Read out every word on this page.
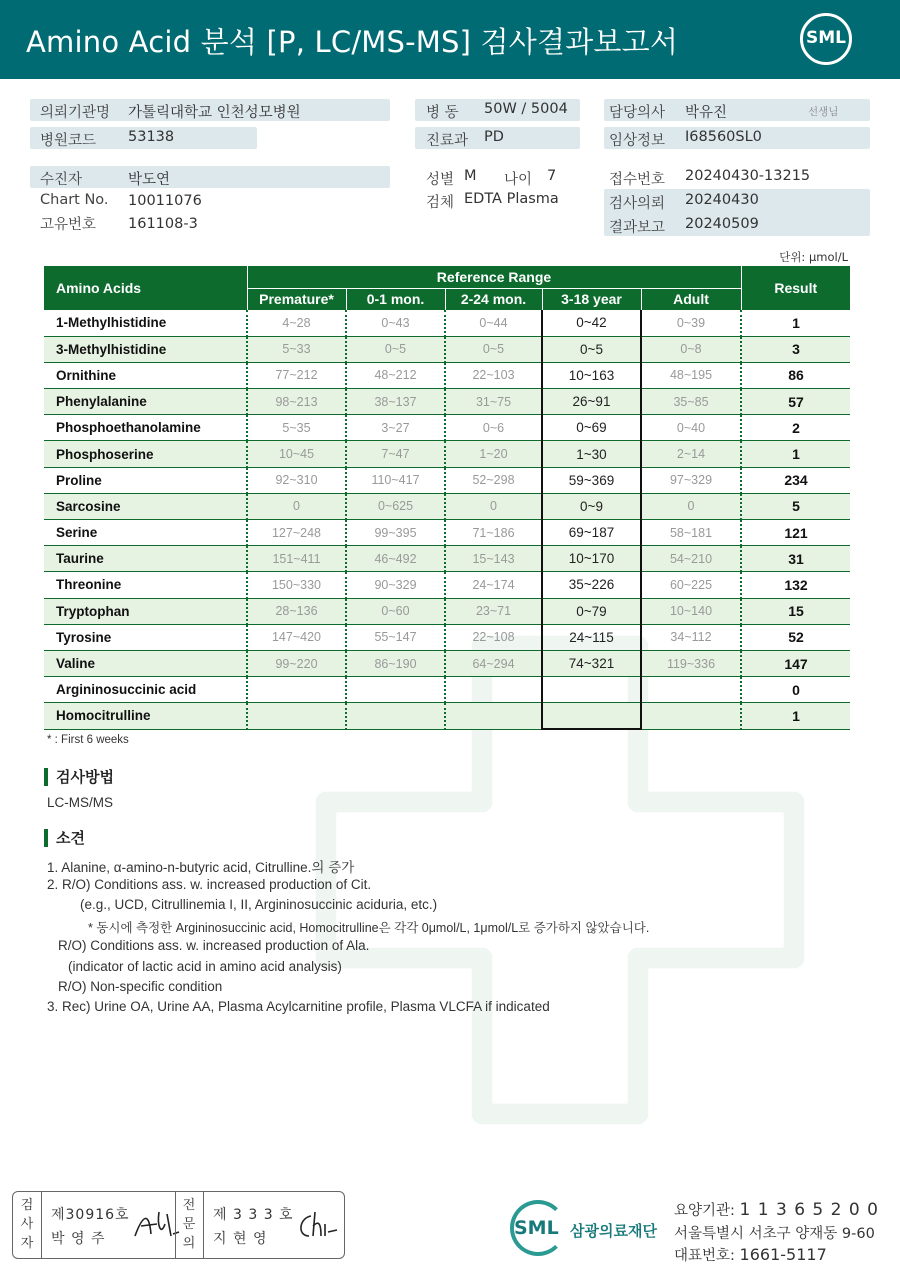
Amino Acid 분석 [P, LC/MS-MS] 검사결과보고서	SML
의뢰기관명 가톨릭대학교 인천성모병원
병원코드 53138
병 동 50W / 5004
진료과 PD
담당의사 박유진	선생님
임상정보 I68560SL0
수진자	박도연
Chart No. 10011076
고유번호 161108-3
성별 M 나이 7
검체 EDTA Plasma
접수번호 20240430-13215
검사의뢰 20240430
결과보고 20240509
단위: μmol/L
Amino Acids	Reference Range					Result
	Premature*	0-1 mon.	2-24 mon.	3-18 year	Adult	
1-Methylhistidine	4~28	0~43	0~44	0~42	0~39	1
3-Methylhistidine	5~33	0~5	0~5	0~5	0~8	3
Ornithine	77~212	48~212	22~103	10~163	48~195	86
Phenylalanine	98~213	38~137	31~75	26~91	35~85	57
Phosphoethanolamine	5~35	3~27	0~6	0~69	0~40	2
Phosphoserine	10~45	7~47	1~20	1~30	2~14	1
Proline	92~310	110~417	52~298	59~369	97~329	234
Sarcosine	0	0~625	0	0~9	0	5
Serine	127~248	99~395	71~186	69~187	58~181	121
Taurine	151~411	46~492	15~143	10~170	54~210	31
Threonine	150~330	90~329	24~174	35~226	60~225	132
Tryptophan	28~136	0~60	23~71	0~79	10~140	15
Tyrosine	147~420	55~147	22~108	24~115	34~112	52
Valine	99~220	86~190	64~294	74~321	119~336	147
Argininosuccinic acid						0
Homocitrulline						1
* : First 6 weeks
검사방법
LC-MS/MS
소견
1. Alanine, α-amino-n-butyric acid, Citrulline.의 증가
2. R/O) Conditions ass. w. increased production of Cit.
(e.g., UCD, Citrullinemia I, II, Argininosuccinic aciduria, etc.)
* 동시에 측정한 Argininosuccinic acid, Homocitrulline은 각각 0μmol/L, 1μmol/L로 증가하지 않았습니다.
R/O) Conditions ass. w. increased production of Ala.
(indicator of lactic acid in amino acid analysis)
R/O) Non-specific condition
3. Rec) Urine OA, Urine AA, Plasma Acylcarnitine profile, Plasma VLCFA if indicated
검사자
제30916호
박 영 주
전문의
제 3 3 3 호
지 현 영	SML 삼광의료재단
요양기관: 1 1 3 6 5 2 0 0
서울특별시 서초구 양재동 9-60
대표번호: 1661-5117
